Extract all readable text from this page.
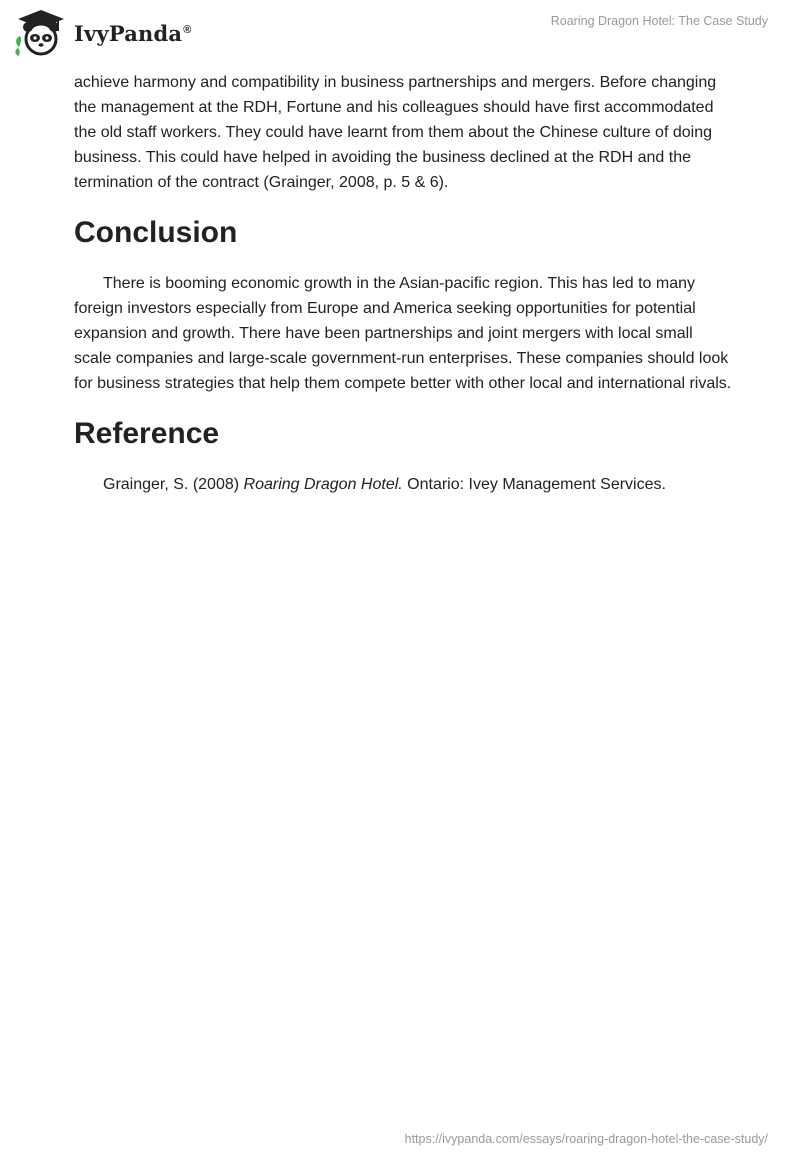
IvyPanda®
Roaring Dragon Hotel: The Case Study

achieve harmony and compatibility in business partnerships and mergers. Before changing the management at the RDH, Fortune and his colleagues should have first accommodated the old staff workers. They could have learnt from them about the Chinese culture of doing business. This could have helped in avoiding the business declined at the RDH and the termination of the contract (Grainger, 2008, p. 5 & 6).

Conclusion

There is booming economic growth in the Asian-pacific region. This has led to many foreign investors especially from Europe and America seeking opportunities for potential expansion and growth. There have been partnerships and joint mergers with local small scale companies and large-scale government-run enterprises. These companies should look for business strategies that help them compete better with other local and international rivals.

Reference

Grainger, S. (2008) Roaring Dragon Hotel. Ontario: Ivey Management Services.

https://ivypanda.com/essays/roaring-dragon-hotel-the-case-study/
